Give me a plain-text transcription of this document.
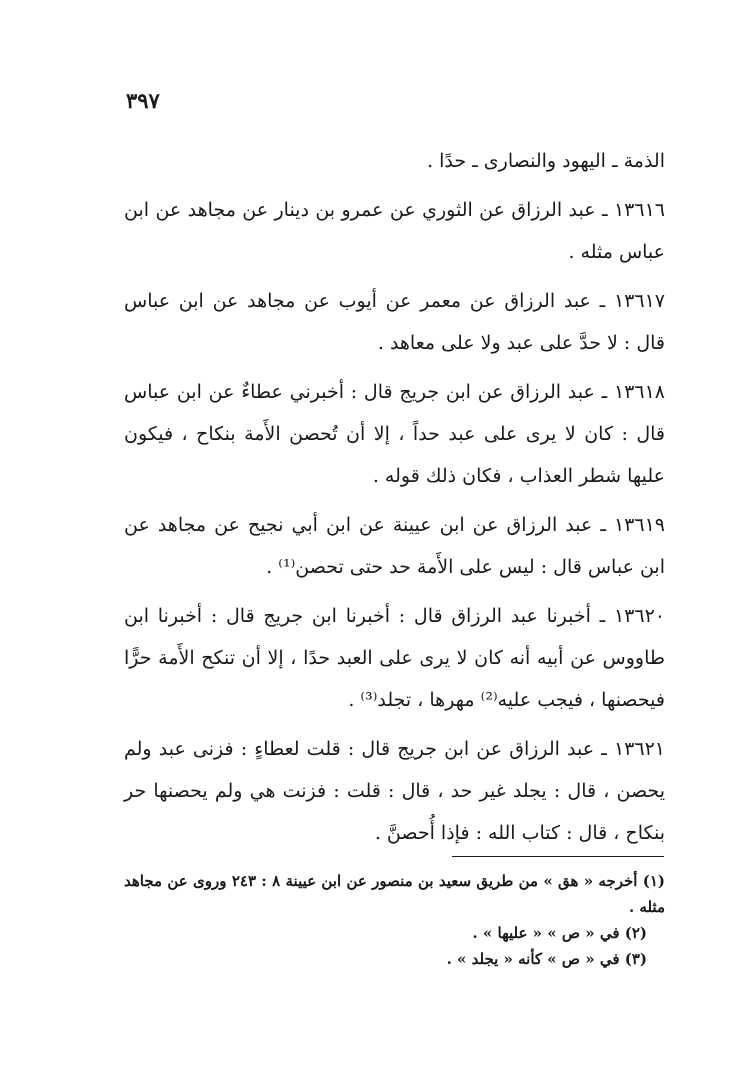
٣٩٧

الذمة ـ اليهود والنصارى ـ حدًا .

١٣٦١٦ ـ عبد الرزاق عن الثوري عن عمرو بن دينار عن مجاهد عن ابن عباس مثله .

١٣٦١٧ ـ عبد الرزاق عن معمر عن أيوب عن مجاهد عن ابن عباس قال : لا حدَّ على عبد ولا على معاهد .

١٣٦١٨ ـ عبد الرزاق عن ابن جريج قال : أخبرني عطاءٌ عن ابن عباس قال : كان لا يرى على عبد حداً ، إلا أن تُحصن الأَمة بنكاح ، فيكون عليها شطر العذاب ، فكان ذلك قوله .

١٣٦١٩ ـ عبد الرزاق عن ابن عيينة عن ابن أبي نجيح عن مجاهد عن ابن عباس قال : ليس على الأَمة حد حتى تحصن⁽¹⁾ .

١٣٦٢٠ ـ أخبرنا عبد الرزاق قال : أخبرنا ابن جريج قال : أخبرنا ابن طاووس عن أبيه أنه كان لا يرى على العبد حدًا ، إلا أن تنكح الأَمة حرًّا فيحصنها ، فيجب عليه⁽²⁾ مهرها ، تجلد⁽³⁾ .

١٣٦٢١ ـ عبد الرزاق عن ابن جريج قال : قلت لعطاءٍ : فزنى عبد ولم يحصن ، قال : يجلد غير حد ، قال : قلت : فزنت هي ولم يحصنها حر بنكاح ، قال : كتاب الله : فإذا أُحصنَّ .

(١) أخرجه « هق » من طريق سعيد بن منصور عن ابن عيينة ٨ : ٢٤٣ وروى عن مجاهد مثله .

(٢) في « ص » « عليها » .

(٣) في « ص » كأنه « يجلد » .
